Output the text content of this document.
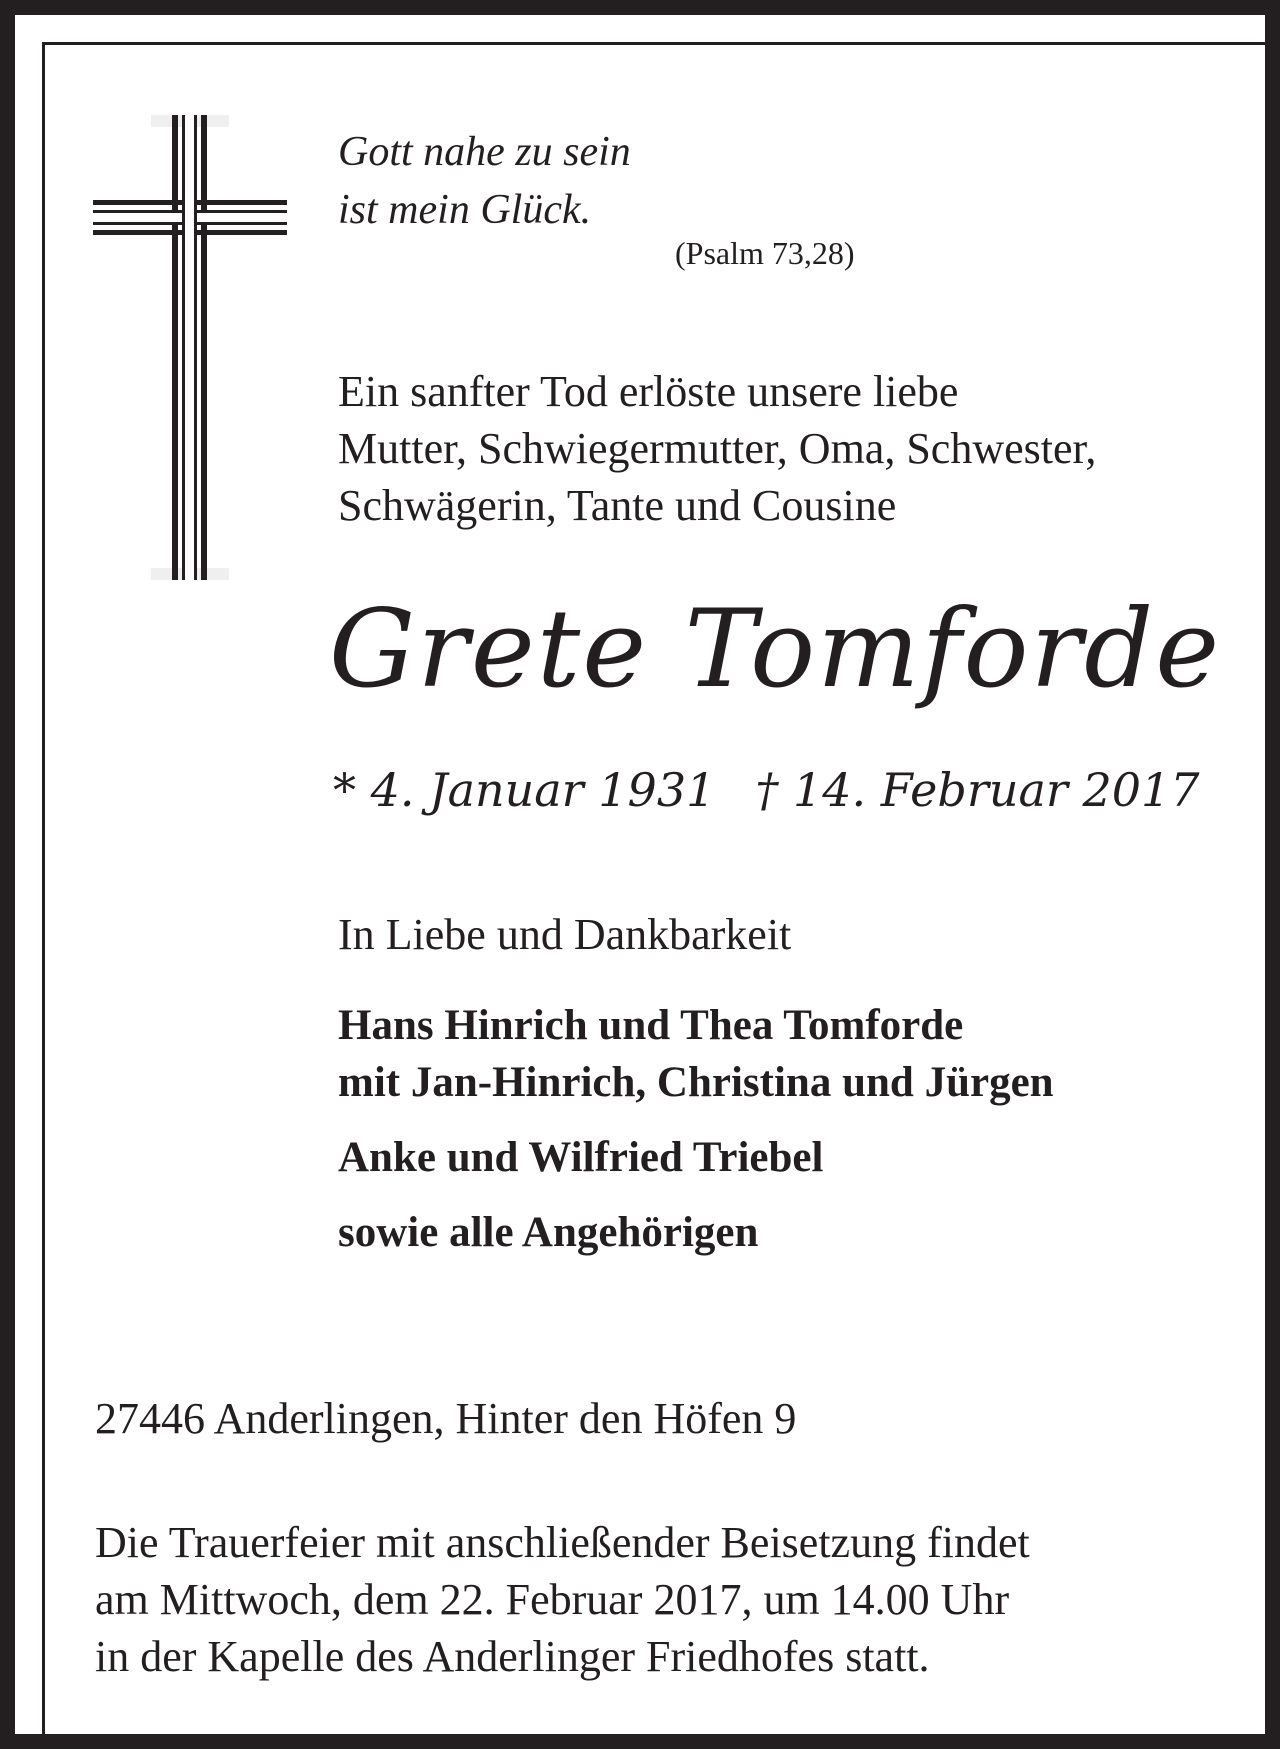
Gott nahe zu sein
ist mein Glück.

(Psalm 73,28)

Ein sanfter Tod erlöste unsere liebe
Mutter, Schwiegermutter, Oma, Schwester,
Schwägerin, Tante und Cousine

Grete Tomforde
* 4. Januar 1931 † 14. Februar 2017

In Liebe und Dankbarkeit

Hans Hinrich und Thea Tomforde
mit Jan-Hinrich, Christina und Jürgen
Anke und Wilfried Triebel
sowie alle Angehörigen

27446 Anderlingen, Hinter den Höfen 9

Die Trauerfeier mit anschließender Beisetzung findet
am Mittwoch, dem 22. Februar 2017, um 14.00 Uhr
in der Kapelle des Anderlinger Friedhofes statt.
